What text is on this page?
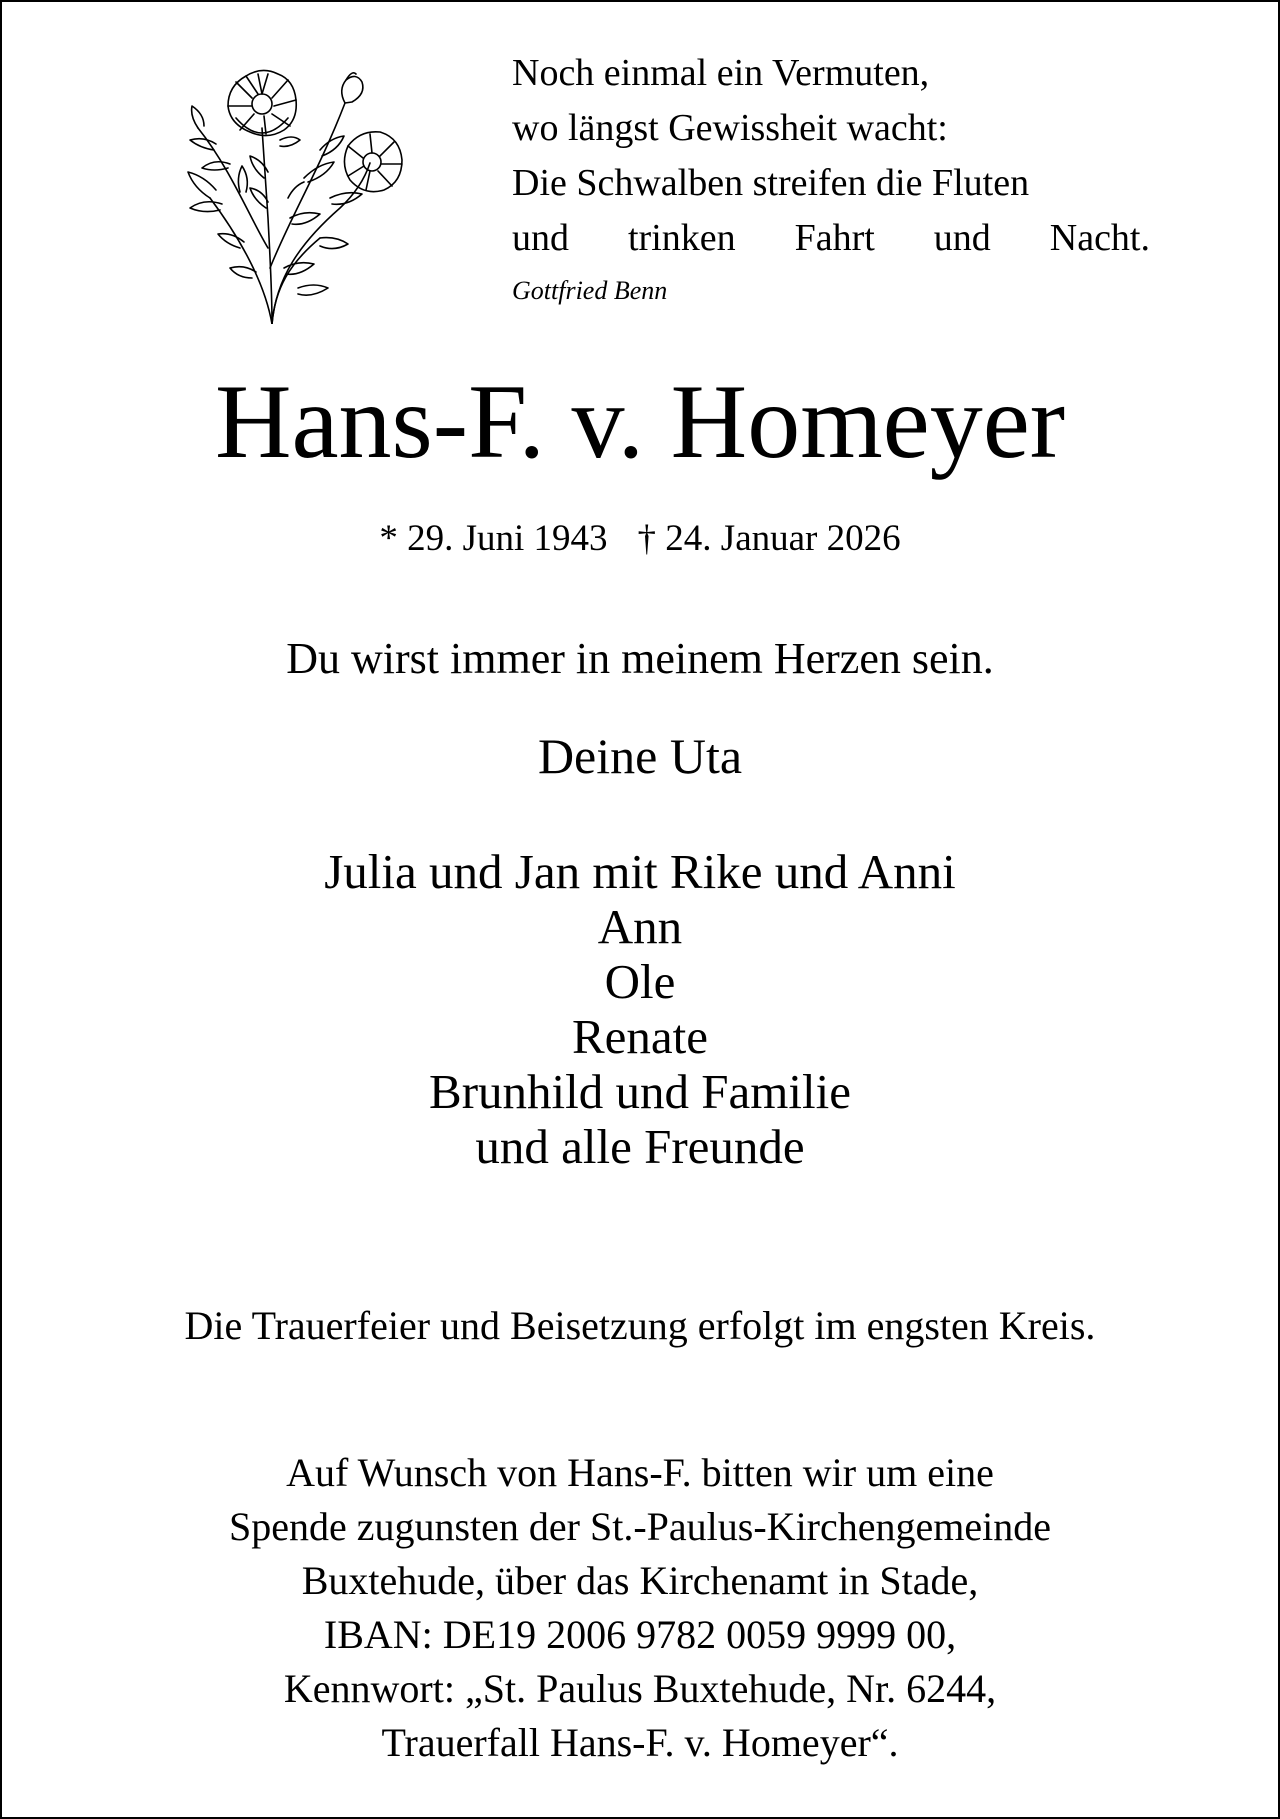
Noch einmal ein Vermuten,
wo längst Gewissheit wacht:
Die Schwalben streifen die Fluten
und trinken Fahrt und Nacht.
Gottfried Benn
Hans-F. v. Homeyer
* 29. Juni 1943 † 24. Januar 2026
Du wirst immer in meinem Herzen sein.
Deine Uta
Julia und Jan mit Rike und Anni
Ann
Ole
Renate
Brunhild und Familie
und alle Freunde
Die Trauerfeier und Beisetzung erfolgt im engsten Kreis.
Auf Wunsch von Hans-F. bitten wir um eine
Spende zugunsten der St.-Paulus-Kirchengemeinde
Buxtehude, über das Kirchenamt in Stade,
IBAN: DE19 2006 9782 0059 9999 00,
Kennwort: „St. Paulus Buxtehude, Nr. 6244,
Trauerfall Hans-F. v. Homeyer“.
